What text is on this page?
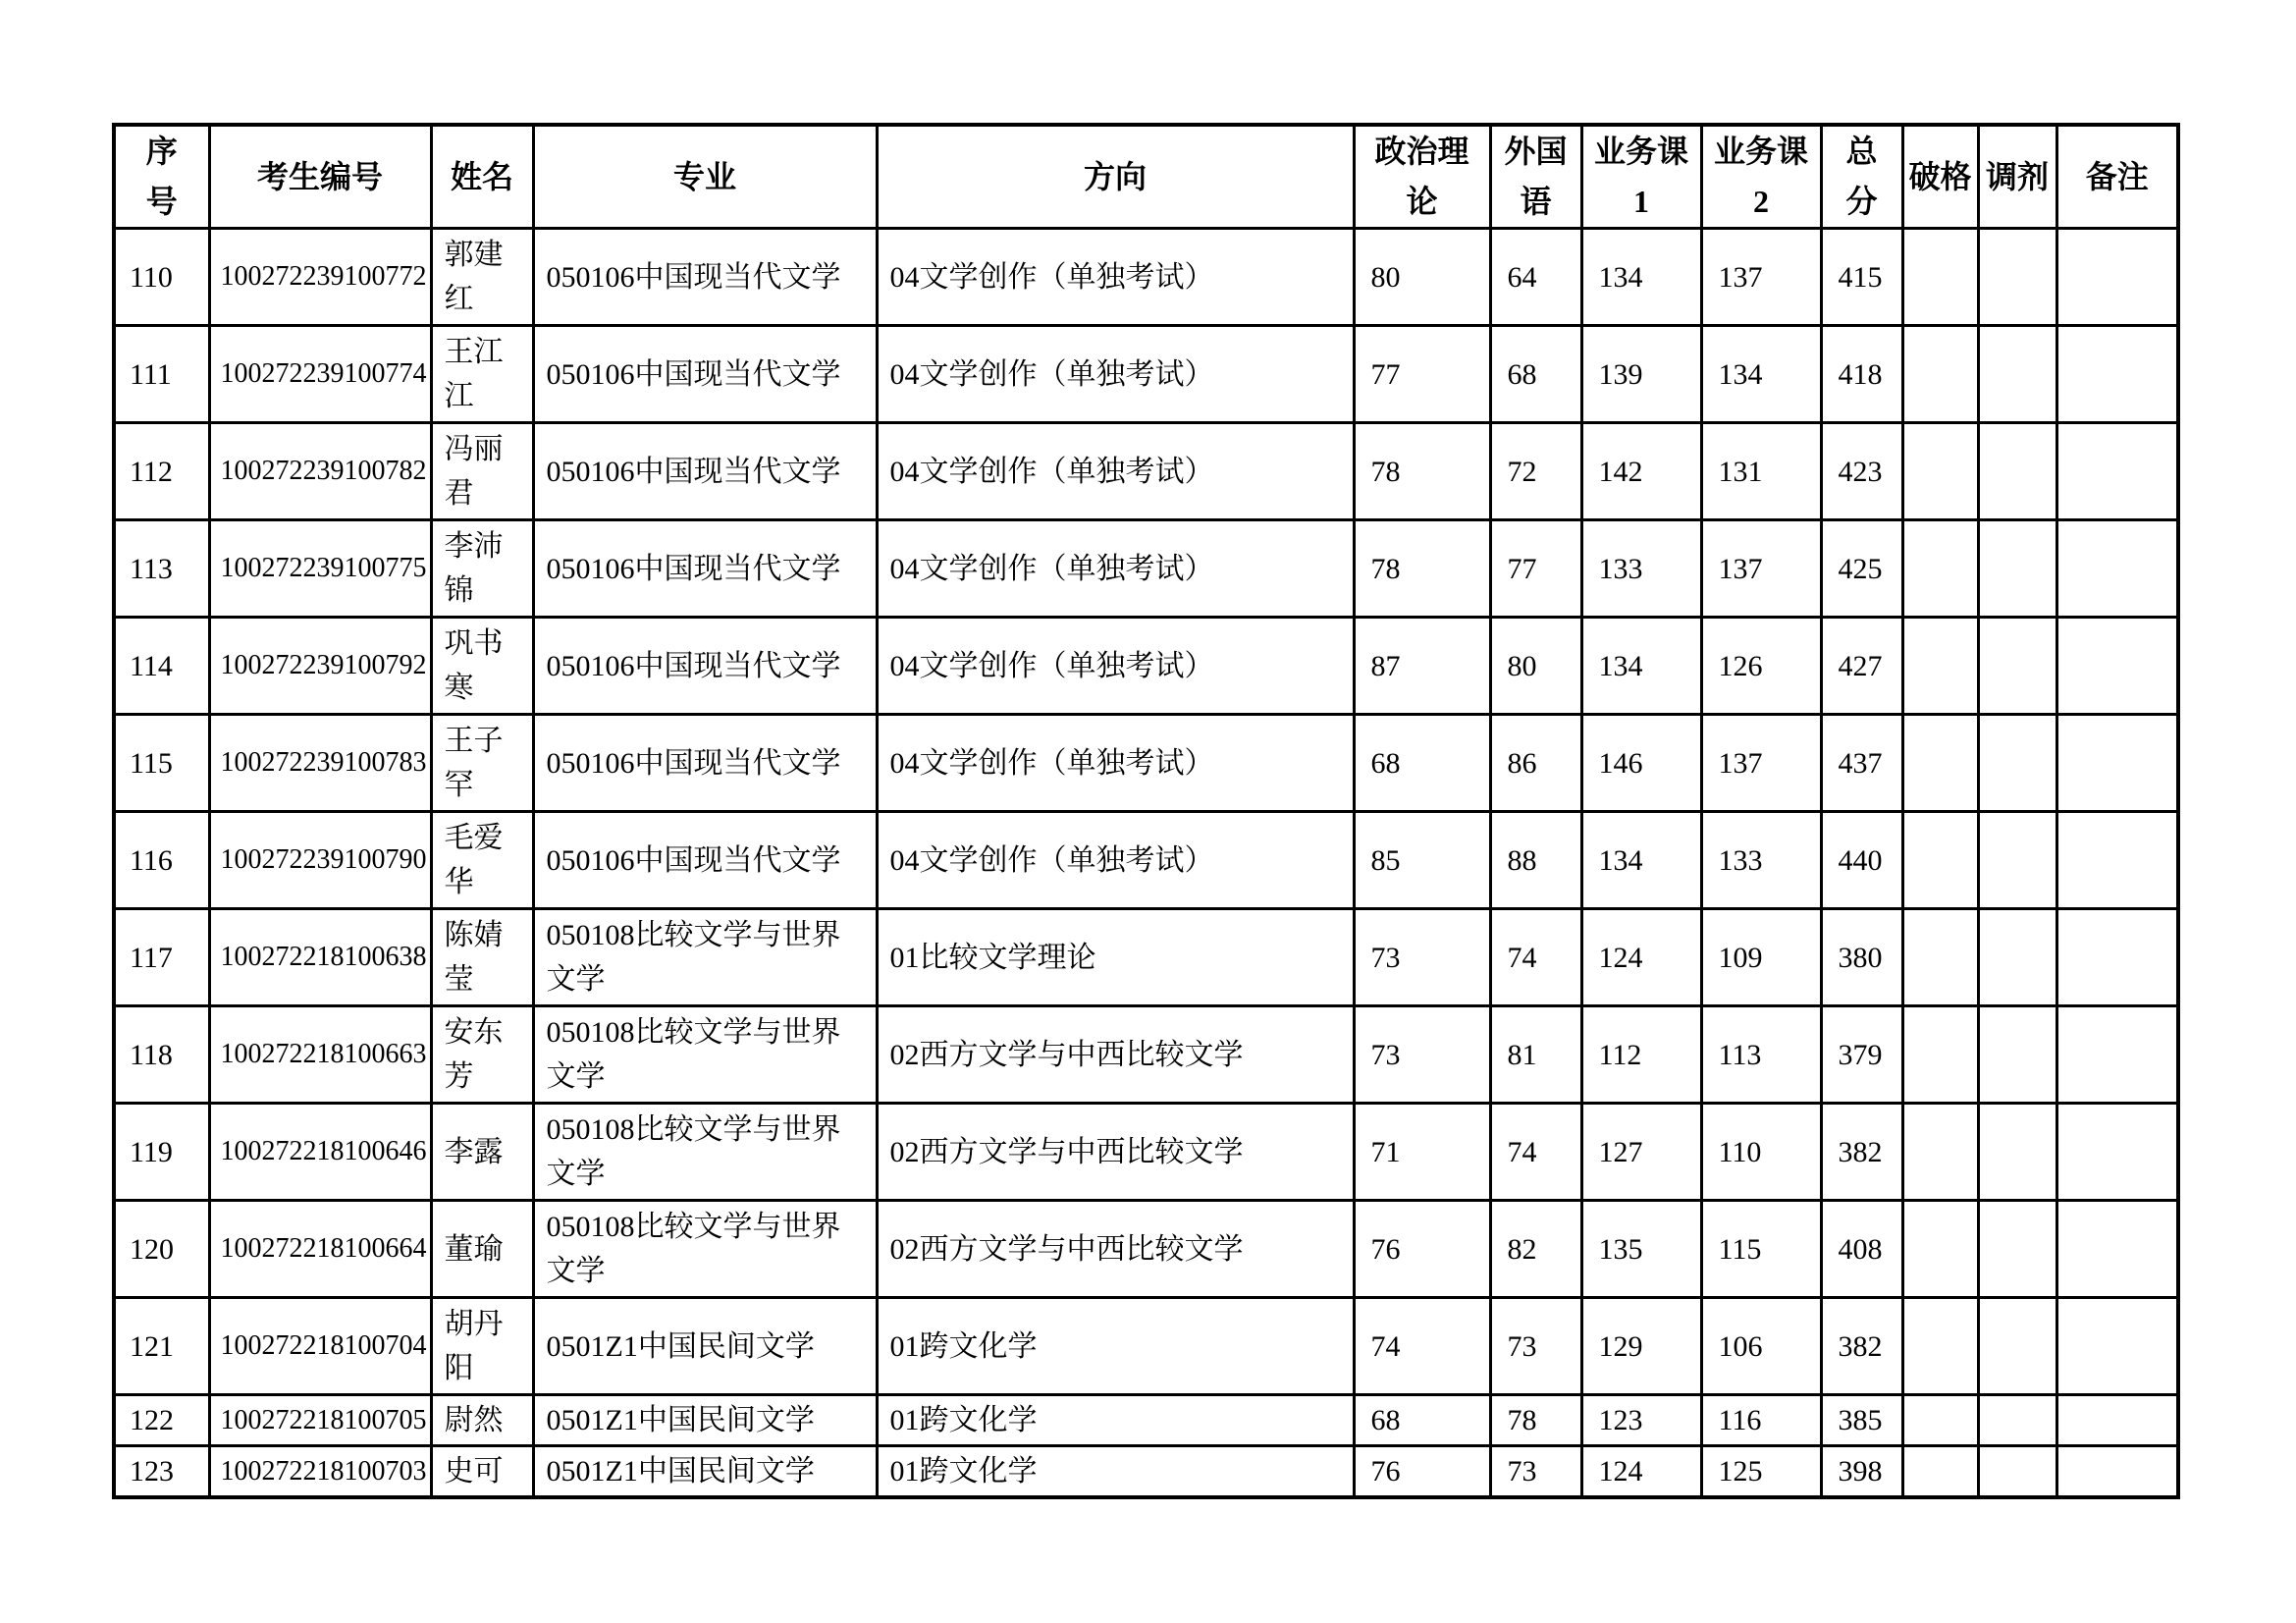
序号	考生编号	姓名	专业	方向	政治理论	外国语	业务课1	业务课2	总分	破格	调剂	备注
110	100272239100772	郭建红	050106中国现当代文学	04文学创作（单独考试）	80	64	134	137	415			
111	100272239100774	王江江	050106中国现当代文学	04文学创作（单独考试）	77	68	139	134	418			
112	100272239100782	冯丽君	050106中国现当代文学	04文学创作（单独考试）	78	72	142	131	423			
113	100272239100775	李沛锦	050106中国现当代文学	04文学创作（单独考试）	78	77	133	137	425			
114	100272239100792	巩书寒	050106中国现当代文学	04文学创作（单独考试）	87	80	134	126	427			
115	100272239100783	王子罕	050106中国现当代文学	04文学创作（单独考试）	68	86	146	137	437			
116	100272239100790	毛爱华	050106中国现当代文学	04文学创作（单独考试）	85	88	134	133	440			
117	100272218100638	陈婧莹	050108比较文学与世界文学	01比较文学理论	73	74	124	109	380			
118	100272218100663	安东芳	050108比较文学与世界文学	02西方文学与中西比较文学	73	81	112	113	379			
119	100272218100646	李露	050108比较文学与世界文学	02西方文学与中西比较文学	71	74	127	110	382			
120	100272218100664	董瑜	050108比较文学与世界文学	02西方文学与中西比较文学	76	82	135	115	408			
121	100272218100704	胡丹阳	0501Z1中国民间文学	01跨文化学	74	73	129	106	382			
122	100272218100705	尉然	0501Z1中国民间文学	01跨文化学	68	78	123	116	385			
123	100272218100703	史可	0501Z1中国民间文学	01跨文化学	76	73	124	125	398			
